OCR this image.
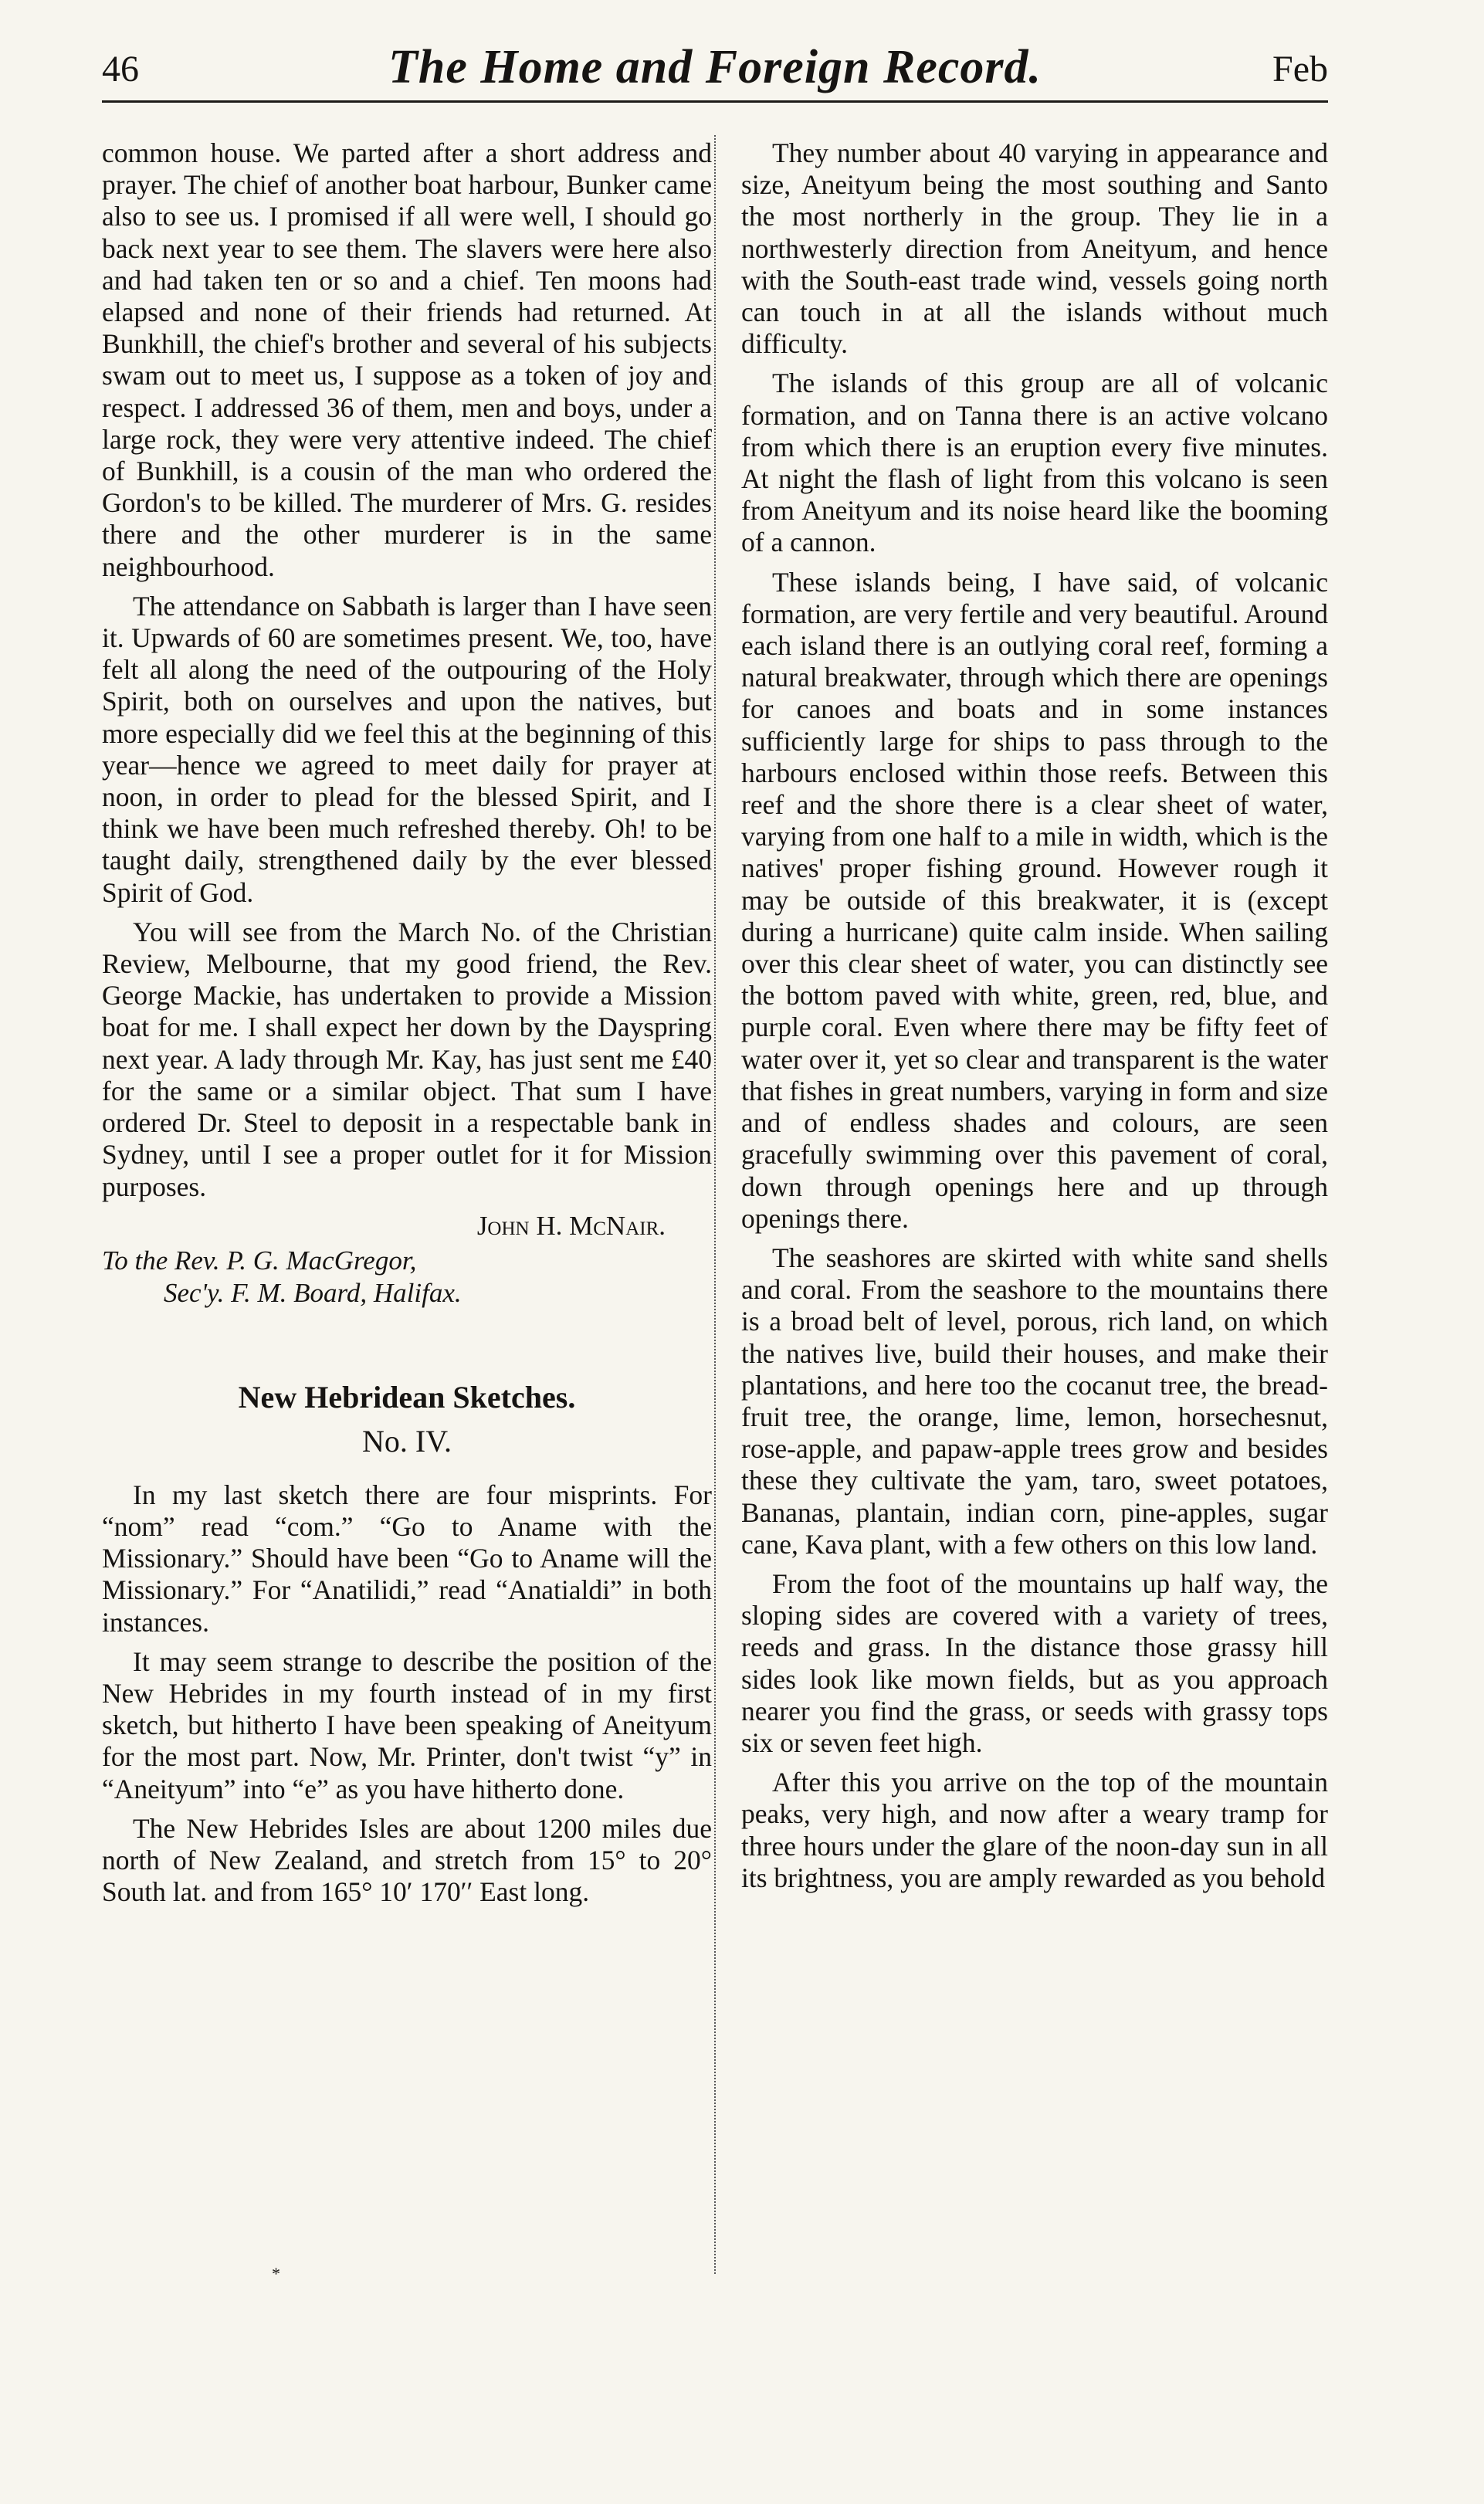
46	The Home and Foreign Record.	Feb

common house. We parted after a short address and prayer. The chief of another boat harbour, Bunker came also to see us. I promised if all were well, I should go back next year to see them. The slavers were here also and had taken ten or so and a chief. Ten moons had elapsed and none of their friends had returned. At Bunkhill, the chief's brother and several of his subjects swam out to meet us, I suppose as a token of joy and respect. I addressed 36 of them, men and boys, under a large rock, they were very attentive indeed. The chief of Bunkhill, is a cousin of the man who ordered the Gordon's to be killed. The murderer of Mrs. G. resides there and the other murderer is in the same neighbourhood.

The attendance on Sabbath is larger than I have seen it. Upwards of 60 are sometimes present. We, too, have felt all along the need of the outpouring of the Holy Spirit, both on ourselves and upon the natives, but more especially did we feel this at the beginning of this year—hence we agreed to meet daily for prayer at noon, in order to plead for the blessed Spirit, and I think we have been much refreshed thereby. Oh! to be taught daily, strengthened daily by the ever blessed Spirit of God.

You will see from the March No. of the Christian Review, Melbourne, that my good friend, the Rev. George Mackie, has undertaken to provide a Mission boat for me. I shall expect her down by the Dayspring next year. A lady through Mr. Kay, has just sent me £40 for the same or a similar object. That sum I have ordered Dr. Steel to deposit in a respectable bank in Sydney, until I see a proper outlet for it for Mission purposes.

John H. McNair.
To the Rev. P. G. MacGregor,
Sec'y. F. M. Board, Halifax.
New Hebridean Sketches.
No. IV.

In my last sketch there are four misprints. For “nom” read “com.” “Go to Aname with the Missionary.” Should have been “Go to Aname will the Missionary.” For “Anatilidi,” read “Anatialdi” in both instances.

It may seem strange to describe the position of the New Hebrides in my fourth instead of in my first sketch, but hitherto I have been speaking of Aneityum for the most part. Now, Mr. Printer, don't twist “y” in “Aneityum” into “e” as you have hitherto done.

The New Hebrides Isles are about 1200 miles due north of New Zealand, and stretch from 15° to 20° South lat. and from 165° 10′ 170′′ East long.

They number about 40 varying in appearance and size, Aneityum being the most southing and Santo the most northerly in the group. They lie in a northwesterly direction from Aneityum, and hence with the South-east trade wind, vessels going north can touch in at all the islands without much difficulty.

The islands of this group are all of volcanic formation, and on Tanna there is an active volcano from which there is an eruption every five minutes. At night the flash of light from this volcano is seen from Aneityum and its noise heard like the booming of a cannon.

These islands being, I have said, of volcanic formation, are very fertile and very beautiful. Around each island there is an outlying coral reef, forming a natural breakwater, through which there are openings for canoes and boats and in some instances sufficiently large for ships to pass through to the harbours enclosed within those reefs. Between this reef and the shore there is a clear sheet of water, varying from one half to a mile in width, which is the natives' proper fishing ground. However rough it may be outside of this breakwater, it is (except during a hurricane) quite calm inside. When sailing over this clear sheet of water, you can distinctly see the bottom paved with white, green, red, blue, and purple coral. Even where there may be fifty feet of water over it, yet so clear and transparent is the water that fishes in great numbers, varying in form and size and of endless shades and colours, are seen gracefully swimming over this pavement of coral, down through openings here and up through openings there.

The seashores are skirted with white sand shells and coral. From the seashore to the mountains there is a broad belt of level, porous, rich land, on which the natives live, build their houses, and make their plantations, and here too the cocanut tree, the bread-fruit tree, the orange, lime, lemon, horsechesnut, rose-apple, and papaw-apple trees grow and besides these they cultivate the yam, taro, sweet potatoes, Bananas, plantain, indian corn, pine-apples, sugar cane, Kava plant, with a few others on this low land.

From the foot of the mountains up half way, the sloping sides are covered with a variety of trees, reeds and grass. In the distance those grassy hill sides look like mown fields, but as you approach nearer you find the grass, or seeds with grassy tops six or seven feet high.

After this you arrive on the top of the mountain peaks, very high, and now after a weary tramp for three hours under the glare of the noon-day sun in all its brightness, you are amply rewarded as you behold

*
